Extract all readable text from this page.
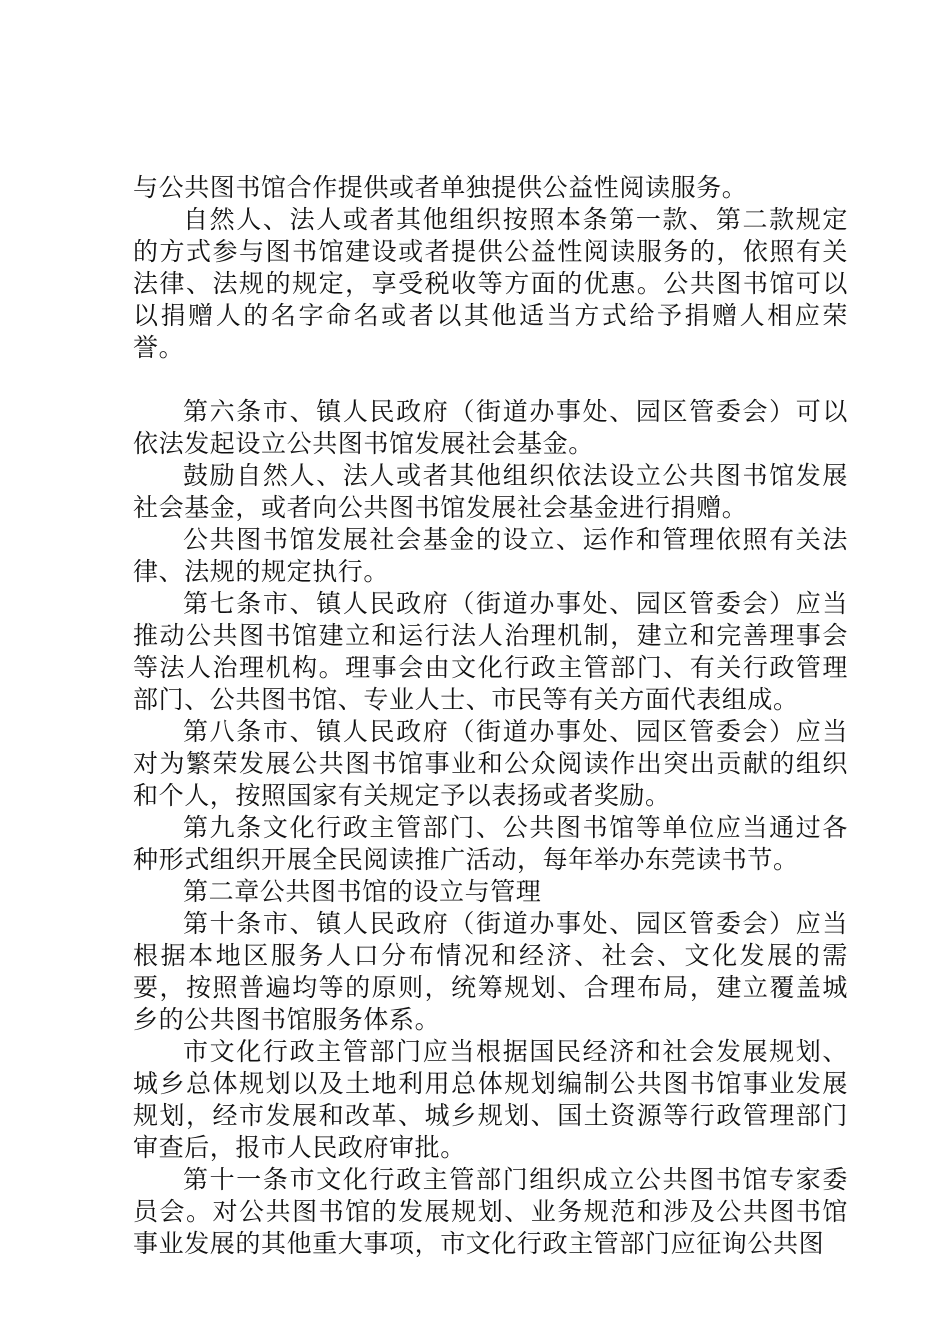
与公共图书馆合作提供或者单独提供公益性阅读服务。

自然人、法人或者其他组织按照本条第一款、第二款规定的方式参与图书馆建设或者提供公益性阅读服务的，依照有关法律、法规的规定，享受税收等方面的优惠。公共图书馆可以以捐赠人的名字命名或者以其他适当方式给予捐赠人相应荣誉。

第六条市、镇人民政府（街道办事处、园区管委会）可以依法发起设立公共图书馆发展社会基金。

鼓励自然人、法人或者其他组织依法设立公共图书馆发展社会基金，或者向公共图书馆发展社会基金进行捐赠。

公共图书馆发展社会基金的设立、运作和管理依照有关法律、法规的规定执行。

第七条市、镇人民政府（街道办事处、园区管委会）应当推动公共图书馆建立和运行法人治理机制，建立和完善理事会等法人治理机构。理事会由文化行政主管部门、有关行政管理部门、公共图书馆、专业人士、市民等有关方面代表组成。

第八条市、镇人民政府（街道办事处、园区管委会）应当对为繁荣发展公共图书馆事业和公众阅读作出突出贡献的组织和个人，按照国家有关规定予以表扬或者奖励。

第九条文化行政主管部门、公共图书馆等单位应当通过各种形式组织开展全民阅读推广活动，每年举办东莞读书节。

第二章公共图书馆的设立与管理

第十条市、镇人民政府（街道办事处、园区管委会）应当根据本地区服务人口分布情况和经济、社会、文化发展的需要，按照普遍均等的原则，统筹规划、合理布局，建立覆盖城乡的公共图书馆服务体系。

市文化行政主管部门应当根据国民经济和社会发展规划、城乡总体规划以及土地利用总体规划编制公共图书馆事业发展规划，经市发展和改革、城乡规划、国土资源等行政管理部门审查后，报市人民政府审批。

第十一条市文化行政主管部门组织成立公共图书馆专家委员会。对公共图书馆的发展规划、业务规范和涉及公共图书馆事业发展的其他重大事项，市文化行政主管部门应征询公共图
